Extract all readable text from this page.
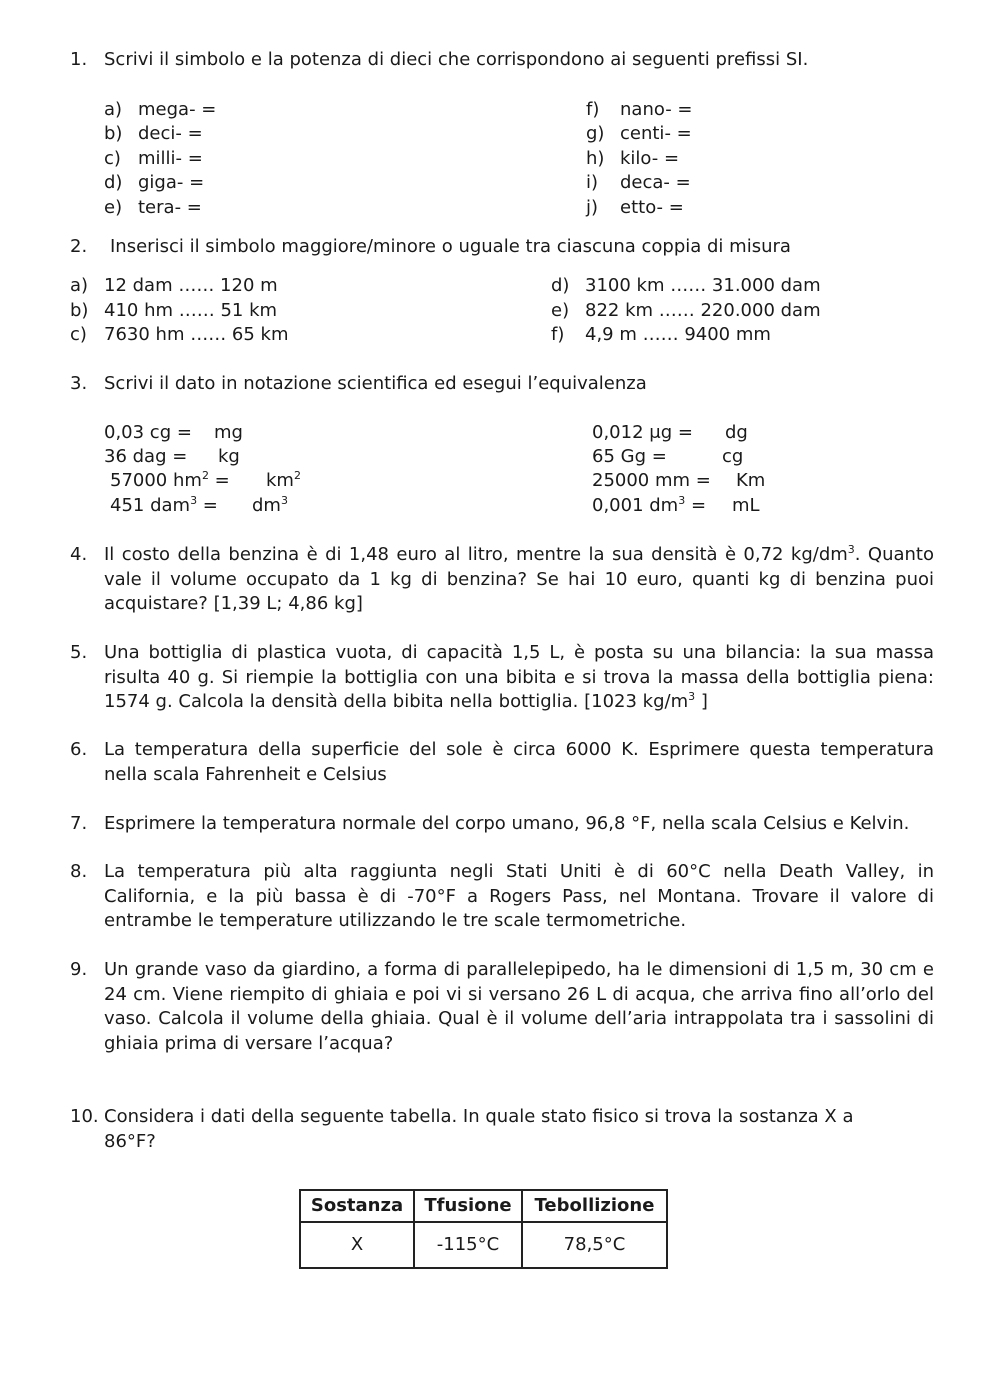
1. Scrivi il simbolo e la potenza di dieci che corrispondono ai seguenti prefissi SI.
a) mega- =
b) deci- =
c) milli- =
d) giga- =
e) tera- =
f) nano- =
g) centi- =
h) kilo- =
i) deca- =
j) etto- =
2.	Inserisci il simbolo maggiore/minore o uguale tra ciascuna coppia di misura
a) 12 dam …… 120 m
b) 410 hm …… 51 km
c) 7630 hm …… 65 km
d) 3100 km …… 31.000 dam
e) 822 km …… 220.000 dam
f) 4,9 m …… 9400 mm
3. Scrivi il dato in notazione scientifica ed esegui l’equivalenza
0,03 cg = mg
36 dag = kg
57000 $hm^2 = km^2$
451 $dam^3 = dm^3$
0,012 μg = dg
65 Gg =	cg
25000 mm = Km
0,001 $dm^3$ = mL
4. Il costo della benzina è di 1,48 euro al litro, mentre la sua densità è 0,72 $kg/dm^3$. Quanto vale il volume occupato da 1 kg di benzina? Se hai 10 euro, quanti kg di benzina puoi acquistare? [1,39 L; 4,86 kg]
5. Una bottiglia di plastica vuota, di capacità 1,5 L, è posta su una bilancia: la sua massa risulta 40 g. Si riempie la bottiglia con una bibita e si trova la massa della bottiglia piena: 1574 g. Calcola la densità della bibita nella bottiglia. [1023 $kg/m^3$ ]
6. La temperatura della superficie del sole è circa 6000 K. Esprimere questa temperatura nella scala Fahrenheit e Celsius
7. Esprimere la temperatura normale del corpo umano, 96,8 °F, nella scala Celsius e Kelvin.
8. La temperatura più alta raggiunta negli Stati Uniti è di 60°C nella Death Valley, in California, e la più bassa è di -70°F a Rogers Pass, nel Montana. Trovare il valore di entrambe le temperature utilizzando le tre scale termometriche.
9. Un grande vaso da giardino, a forma di parallelepipedo, ha le dimensioni di 1,5 m, 30 cm e 24 cm. Viene riempito di ghiaia e poi vi si versano 26 L di acqua, che arriva fino all’orlo del vaso. Calcola il volume della ghiaia. Qual è il volume dell’aria intrappolata tra i sassolini di ghiaia prima di versare l’acqua?
10. Considera i dati della seguente tabella. In quale stato fisico si trova la sostanza X a 86°F?
Sostanza	Tfusione	Tebollizione
X	-115°C	78,5°C
